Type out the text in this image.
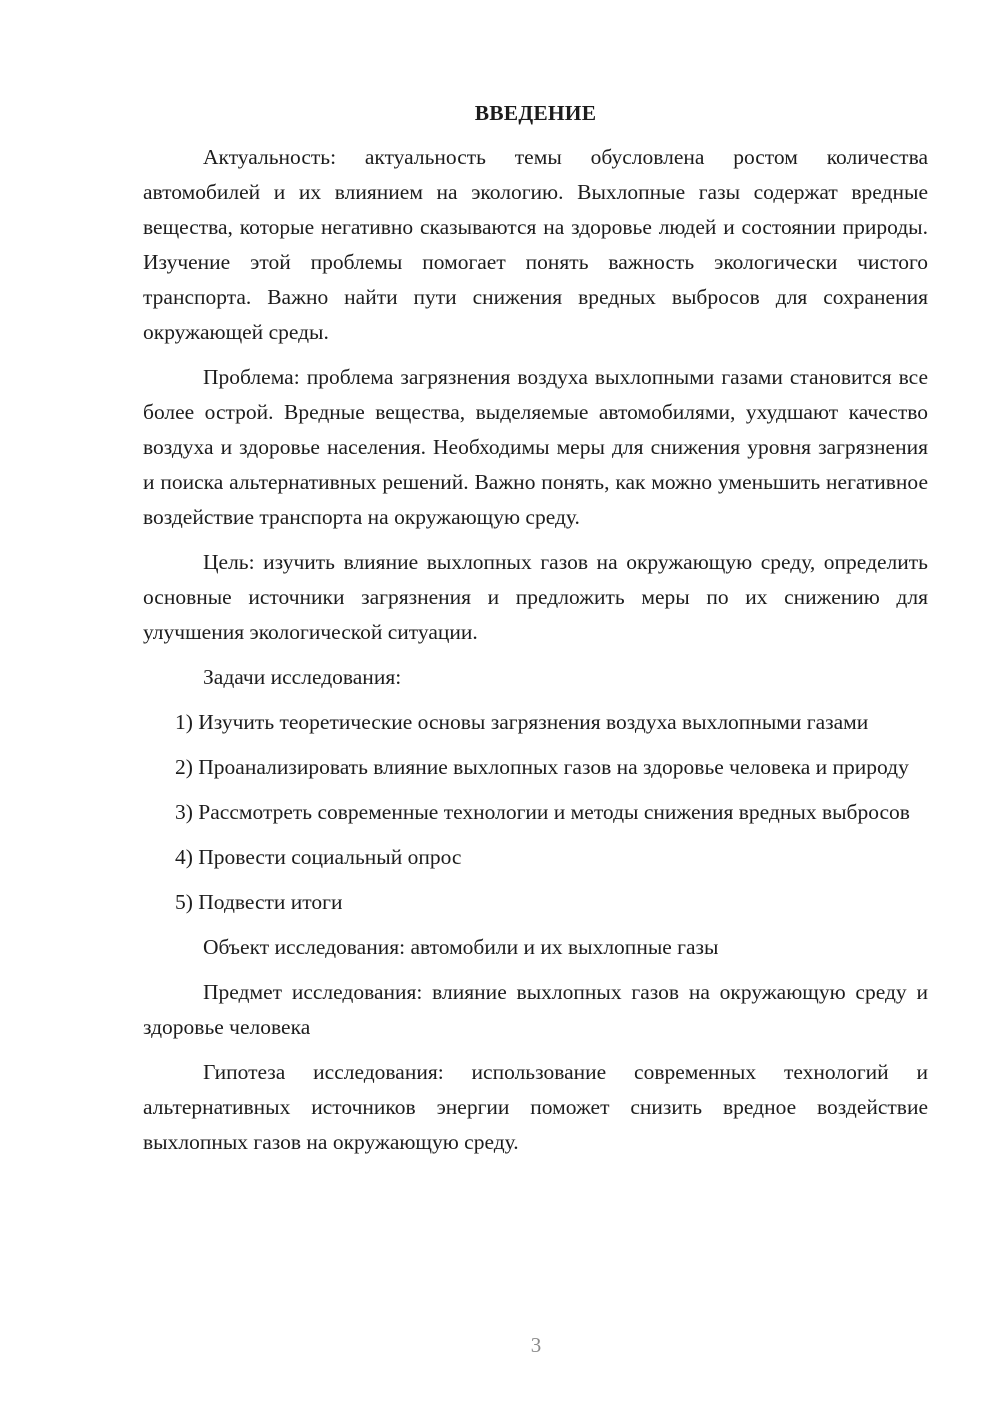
ВВЕДЕНИЕ

Актуальность: актуальность темы обусловлена ростом количества автомобилей и их влиянием на экологию. Выхлопные газы содержат вредные вещества, которые негативно сказываются на здоровье людей и состоянии природы. Изучение этой проблемы помогает понять важность экологически чистого транспорта. Важно найти пути снижения вредных выбросов для сохранения окружающей среды.

Проблема: проблема загрязнения воздуха выхлопными газами становится все более острой. Вредные вещества, выделяемые автомобилями, ухудшают качество воздуха и здоровье населения. Необходимы меры для снижения уровня загрязнения и поиска альтернативных решений. Важно понять, как можно уменьшить негативное воздействие транспорта на окружающую среду.

Цель: изучить влияние выхлопных газов на окружающую среду, определить основные источники загрязнения и предложить меры по их снижению для улучшения экологической ситуации.

Задачи исследования:

1) Изучить теоретические основы загрязнения воздуха выхлопными газами

2) Проанализировать влияние выхлопных газов на здоровье человека и природу

3) Рассмотреть современные технологии и методы снижения вредных выбросов

4) Провести социальный опрос

5) Подвести итоги

Объект исследования: автомобили и их выхлопные газы

Предмет исследования: влияние выхлопных газов на окружающую среду и здоровье человека

Гипотеза исследования: использование современных технологий и альтернативных источников энергии поможет снизить вредное воздействие выхлопных газов на окружающую среду.

3
